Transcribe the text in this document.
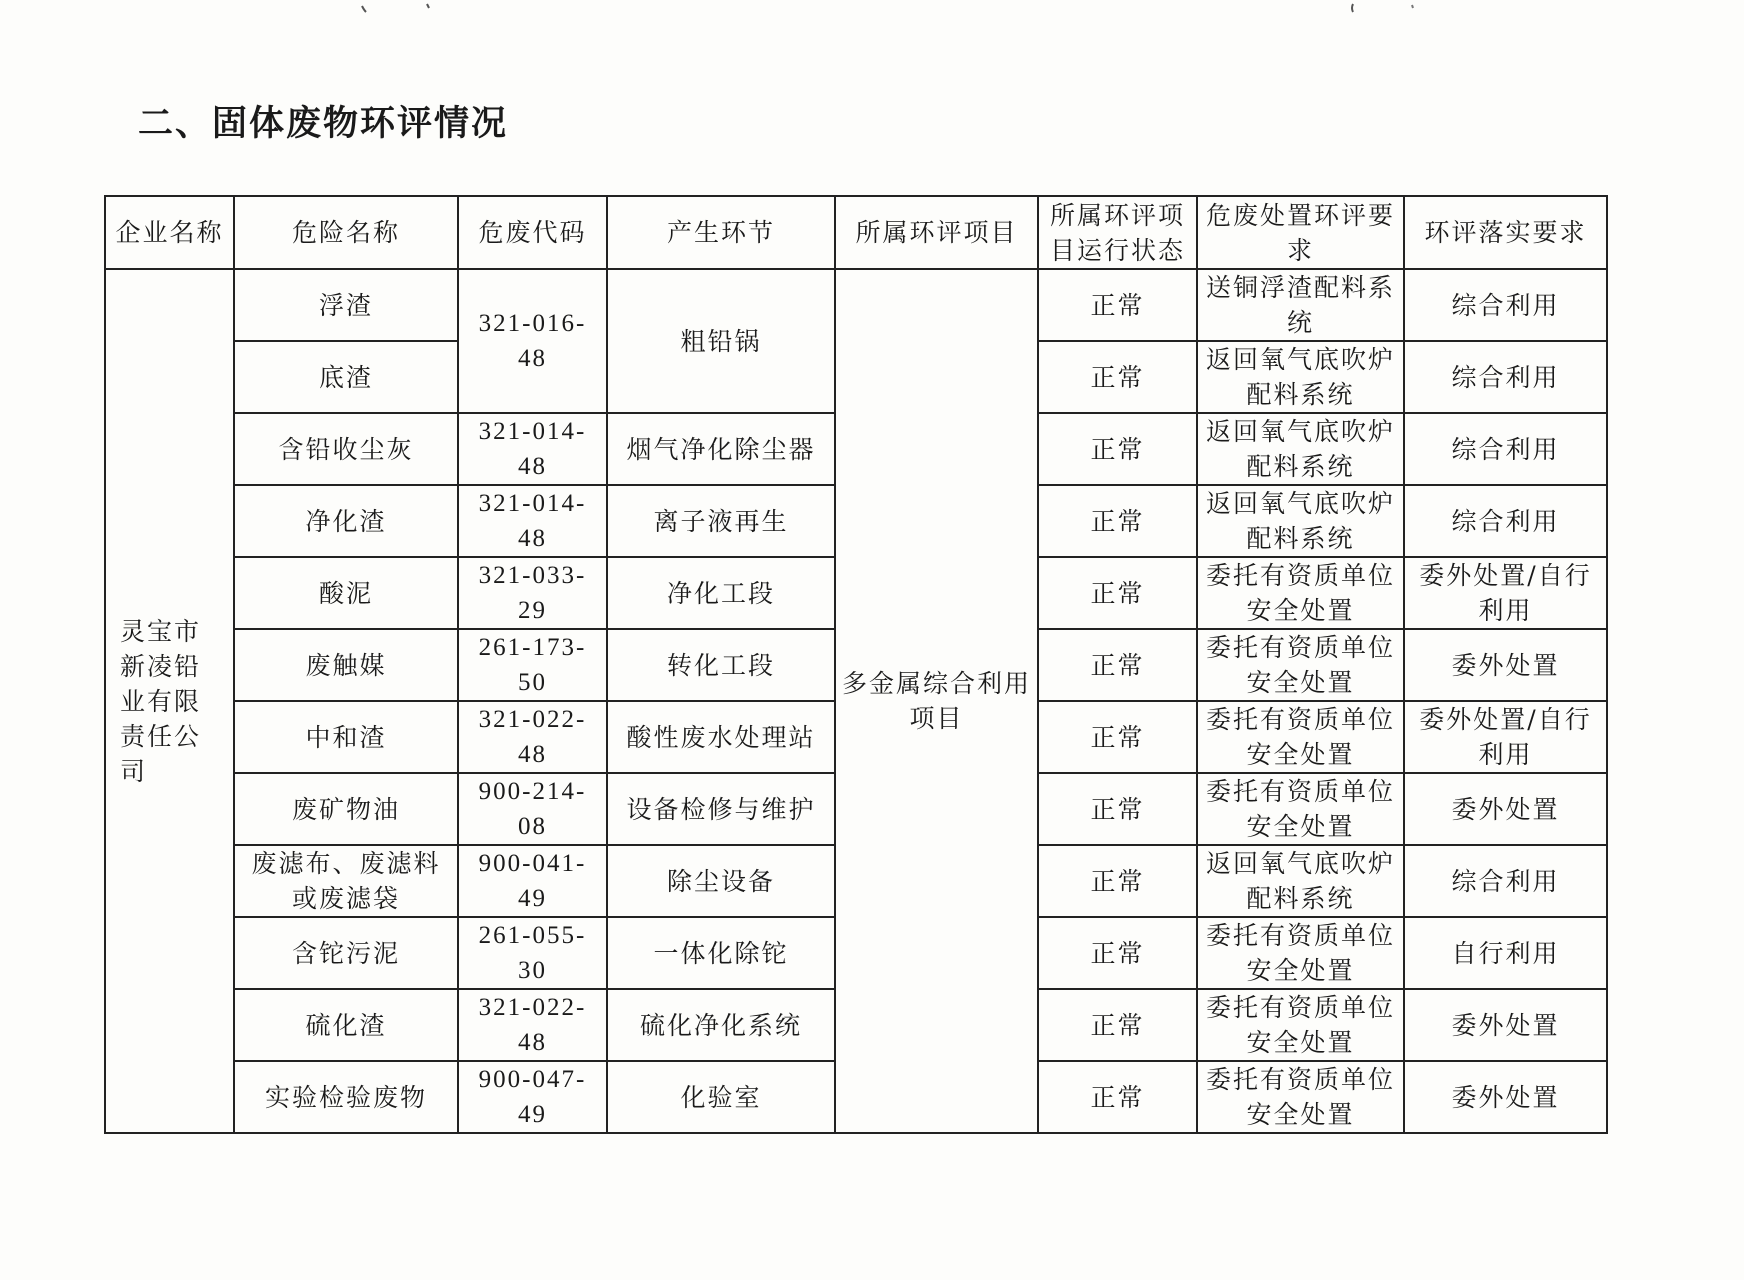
二、固体废物环评情况
企业名称	危险名称	危废代码	产生环节	所属环评项目	所属环评项目运行状态	危废处置环评要求	环评落实要求
灵宝市新凌铅业有限责任公司	浮渣	321-016-48	粗铅锅	多金属综合利用项目	正常	送铜浮渣配料系统	综合利用
	底渣				正常	返回氧气底吹炉配料系统	综合利用
	含铅收尘灰	321-014-48	烟气净化除尘器		正常	返回氧气底吹炉配料系统	综合利用
	净化渣	321-014-48	离子液再生		正常	返回氧气底吹炉配料系统	综合利用
	酸泥	321-033-29	净化工段		正常	委托有资质单位安全处置	委外处置/自行利用
	废触媒	261-173-50	转化工段		正常	委托有资质单位安全处置	委外处置
	中和渣	321-022-48	酸性废水处理站		正常	委托有资质单位安全处置	委外处置/自行利用
	废矿物油	900-214-08	设备检修与维护		正常	委托有资质单位安全处置	委外处置
	废滤布、废滤料或废滤袋	900-041-49	除尘设备		正常	返回氧气底吹炉配料系统	综合利用
	含铊污泥	261-055-30	一体化除铊		正常	委托有资质单位安全处置	自行利用
	硫化渣	321-022-48	硫化净化系统		正常	委托有资质单位安全处置	委外处置
	实验检验废物	900-047-49	化验室		正常	委托有资质单位安全处置	委外处置
